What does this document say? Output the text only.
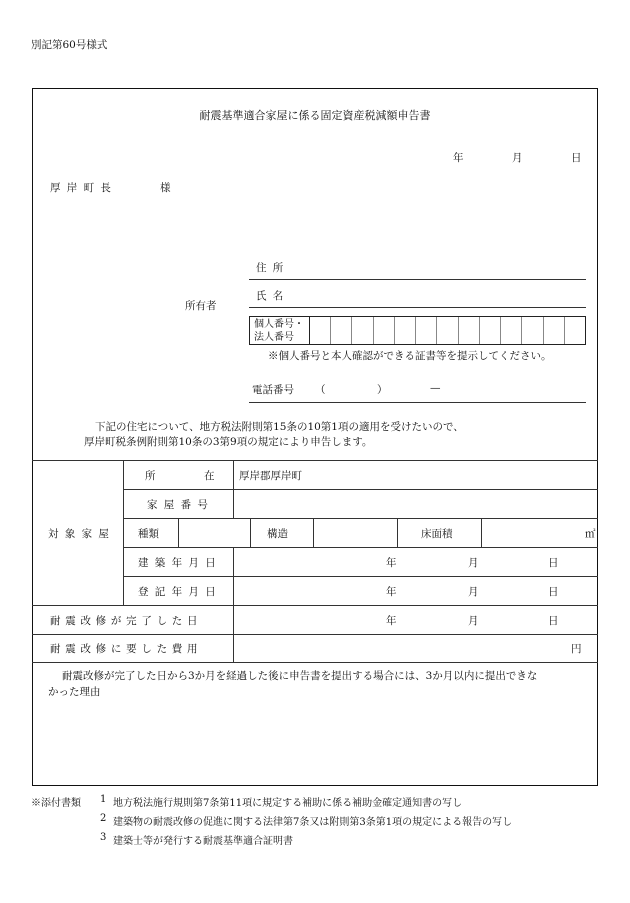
別記第60号様式
耐震基準適合家屋に係る固定資産税減額申告書
年	月	日
厚岸町長	様
所有者
住所
氏名
個人番号・
法人番号
※個人番号と本人確認ができる証書等を提示してください。
電話番号 （	）	—
下記の住宅について、地方税法附則第15条の10第1項の適用を受けたいので、
厚岸町税条例附則第10条の3第9項の規定により申告します。
対象家屋
所	在 厚岸郡厚岸町
家屋番号
種類	構造	床面積	㎡
建築年月日	年	月	日
登記年月日	年	月	日
耐震改修が完了した日	年	月	日
耐震改修に要した費用	円
耐震改修が完了した日から3か月を経過した後に申告書を提出する場合には、3か月以内に提出できな
かった理由
※添付書類 1 地方税法施行規則第7条第11項に規定する補助に係る補助金確定通知書の写し
2 建築物の耐震改修の促進に関する法律第7条又は附則第3条第1項の規定による報告の写し
3 建築士等が発行する耐震基準適合証明書
